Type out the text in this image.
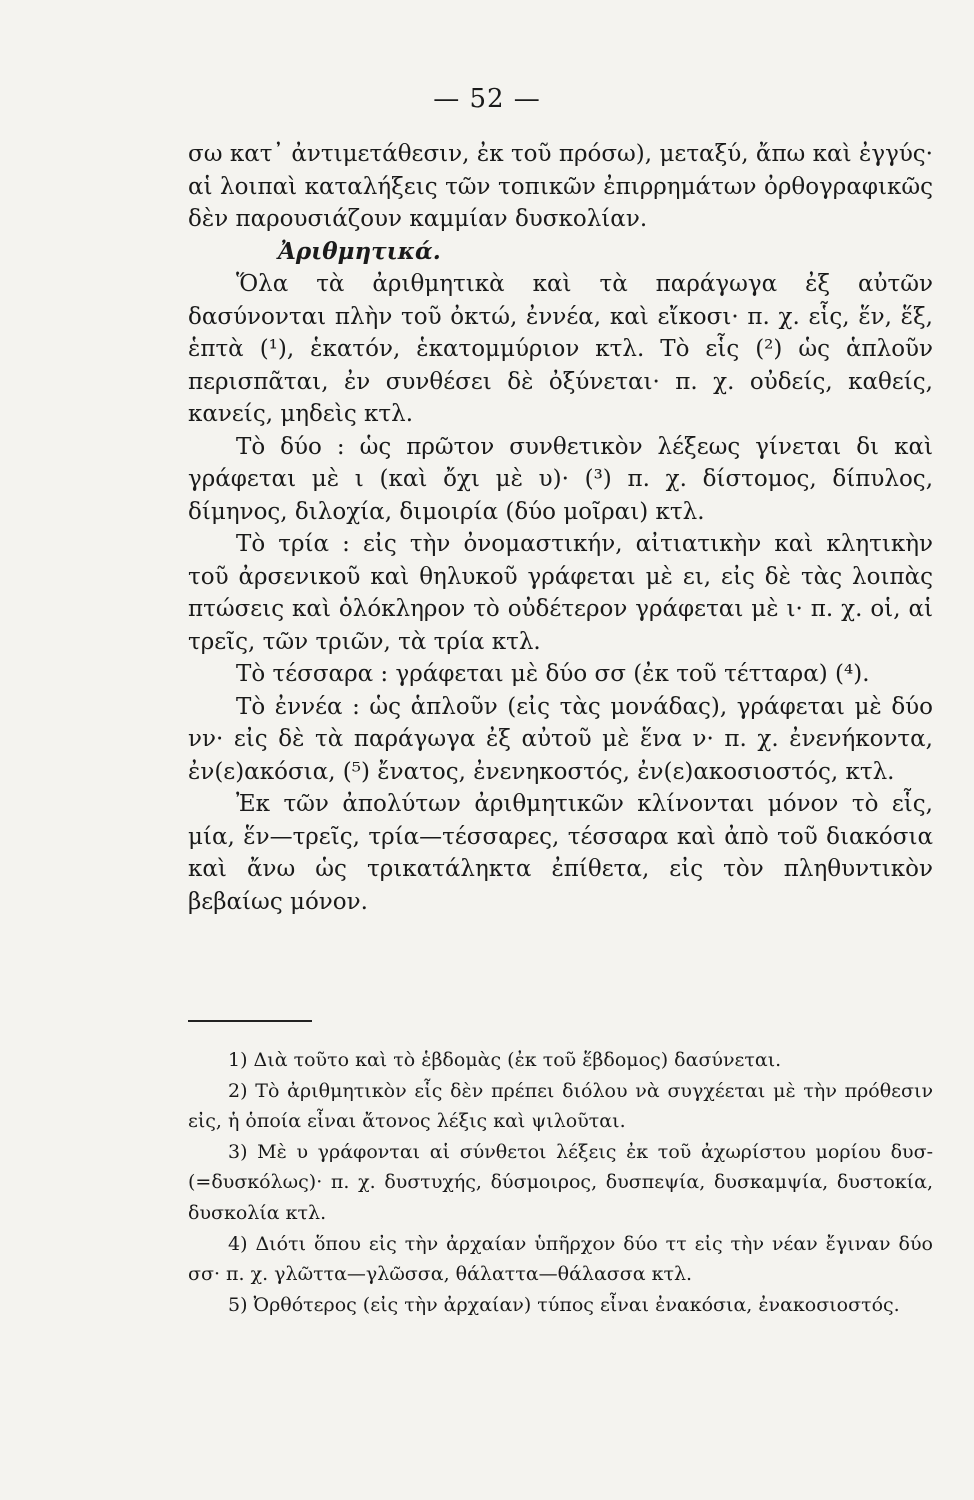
— 52 —

σω κατ᾽ ἀντιμετάθεσιν, ἐκ τοῦ πρόσω), μεταξύ, ἄπω καὶ ἐγγύς· αἱ λοιπαὶ καταλήξεις τῶν τοπικῶν ἐπιρρημάτων ὀρθογραφικῶς δὲν παρουσιάζουν καμμίαν δυσκολίαν.

Ἀριθμητικά.

Ὅλα τὰ ἀριθμητικὰ καὶ τὰ παράγωγα ἐξ αὐτῶν δασύνονται πλὴν τοῦ ὀκτώ, ἐννέα, καὶ εἴκοσι· π. χ. εἷς, ἕν, ἕξ, ἑπτὰ (¹), ἑκατόν, ἑκατομμύριον κτλ. Τὸ εἷς (²) ὡς ἁπλοῦν περισπᾶται, ἐν συνθέσει δὲ ὀξύνεται· π. χ. οὐδείς, καθείς, κανείς, μηδεὶς κτλ.

Τὸ δύο : ὡς πρῶτον συνθετικὸν λέξεως γίνεται δι καὶ γράφεται μὲ ι (καὶ ὄχι μὲ υ)· (³) π. χ. δίστομος, δίπυλος, δίμηνος, διλοχία, διμοιρία (δύο μοῖραι) κτλ.

Τὸ τρία : εἰς τὴν ὀνομαστικήν, αἰτιατικὴν καὶ κλητικὴν τοῦ ἀρσενικοῦ καὶ θηλυκοῦ γράφεται μὲ ει, εἰς δὲ τὰς λοιπὰς πτώσεις καὶ ὁλόκληρον τὸ οὐδέτερον γράφεται μὲ ι· π. χ. οἱ, αἱ τρεῖς, τῶν τριῶν, τὰ τρία κτλ.

Τὸ τέσσαρα : γράφεται μὲ δύο σσ (ἐκ τοῦ τέτταρα) (⁴).

Τὸ ἐννέα : ὡς ἁπλοῦν (εἰς τὰς μονάδας), γράφεται μὲ δύο νν· εἰς δὲ τὰ παράγωγα ἐξ αὐτοῦ μὲ ἕνα ν· π. χ. ἐνενήκοντα, ἐν(ε)ακόσια, (⁵) ἔνατος, ἐνενηκοστός, ἐν(ε)ακοσιοστός, κτλ.

Ἐκ τῶν ἀπολύτων ἀριθμητικῶν κλίνονται μόνον τὸ εἷς, μία, ἕν—τρεῖς, τρία—τέσσαρες, τέσσαρα καὶ ἀπὸ τοῦ διακόσια καὶ ἄνω ὡς τρικατάληκτα ἐπίθετα, εἰς τὸν πληθυντικὸν βεβαίως μόνον.

1) Διὰ τοῦτο καὶ τὸ ἑβδομὰς (ἐκ τοῦ ἕβδομος) δασύνεται.

2) Τὸ ἀριθμητικὸν εἷς δὲν πρέπει διόλου νὰ συγχέεται μὲ τὴν πρόθεσιν εἰς, ἡ ὁποία εἶναι ἄτονος λέξις καὶ ψιλοῦται.

3) Μὲ υ γράφονται αἱ σύνθετοι λέξεις ἐκ τοῦ ἀχωρίστου μορίου δυσ-(=δυσκόλως)· π. χ. δυστυχής, δύσμοιρος, δυσπεψία, δυσκαμψία, δυστοκία, δυσκολία κτλ.

4) Διότι ὅπου εἰς τὴν ἀρχαίαν ὑπῆρχον δύο ττ εἰς τὴν νέαν ἔγιναν δύο σσ· π. χ. γλῶττα—γλῶσσα, θάλαττα—θάλασσα κτλ.

5) Ὀρθότερος (εἰς τὴν ἀρχαίαν) τύπος εἶναι ἐνακόσια, ἐνακοσιοστός.
